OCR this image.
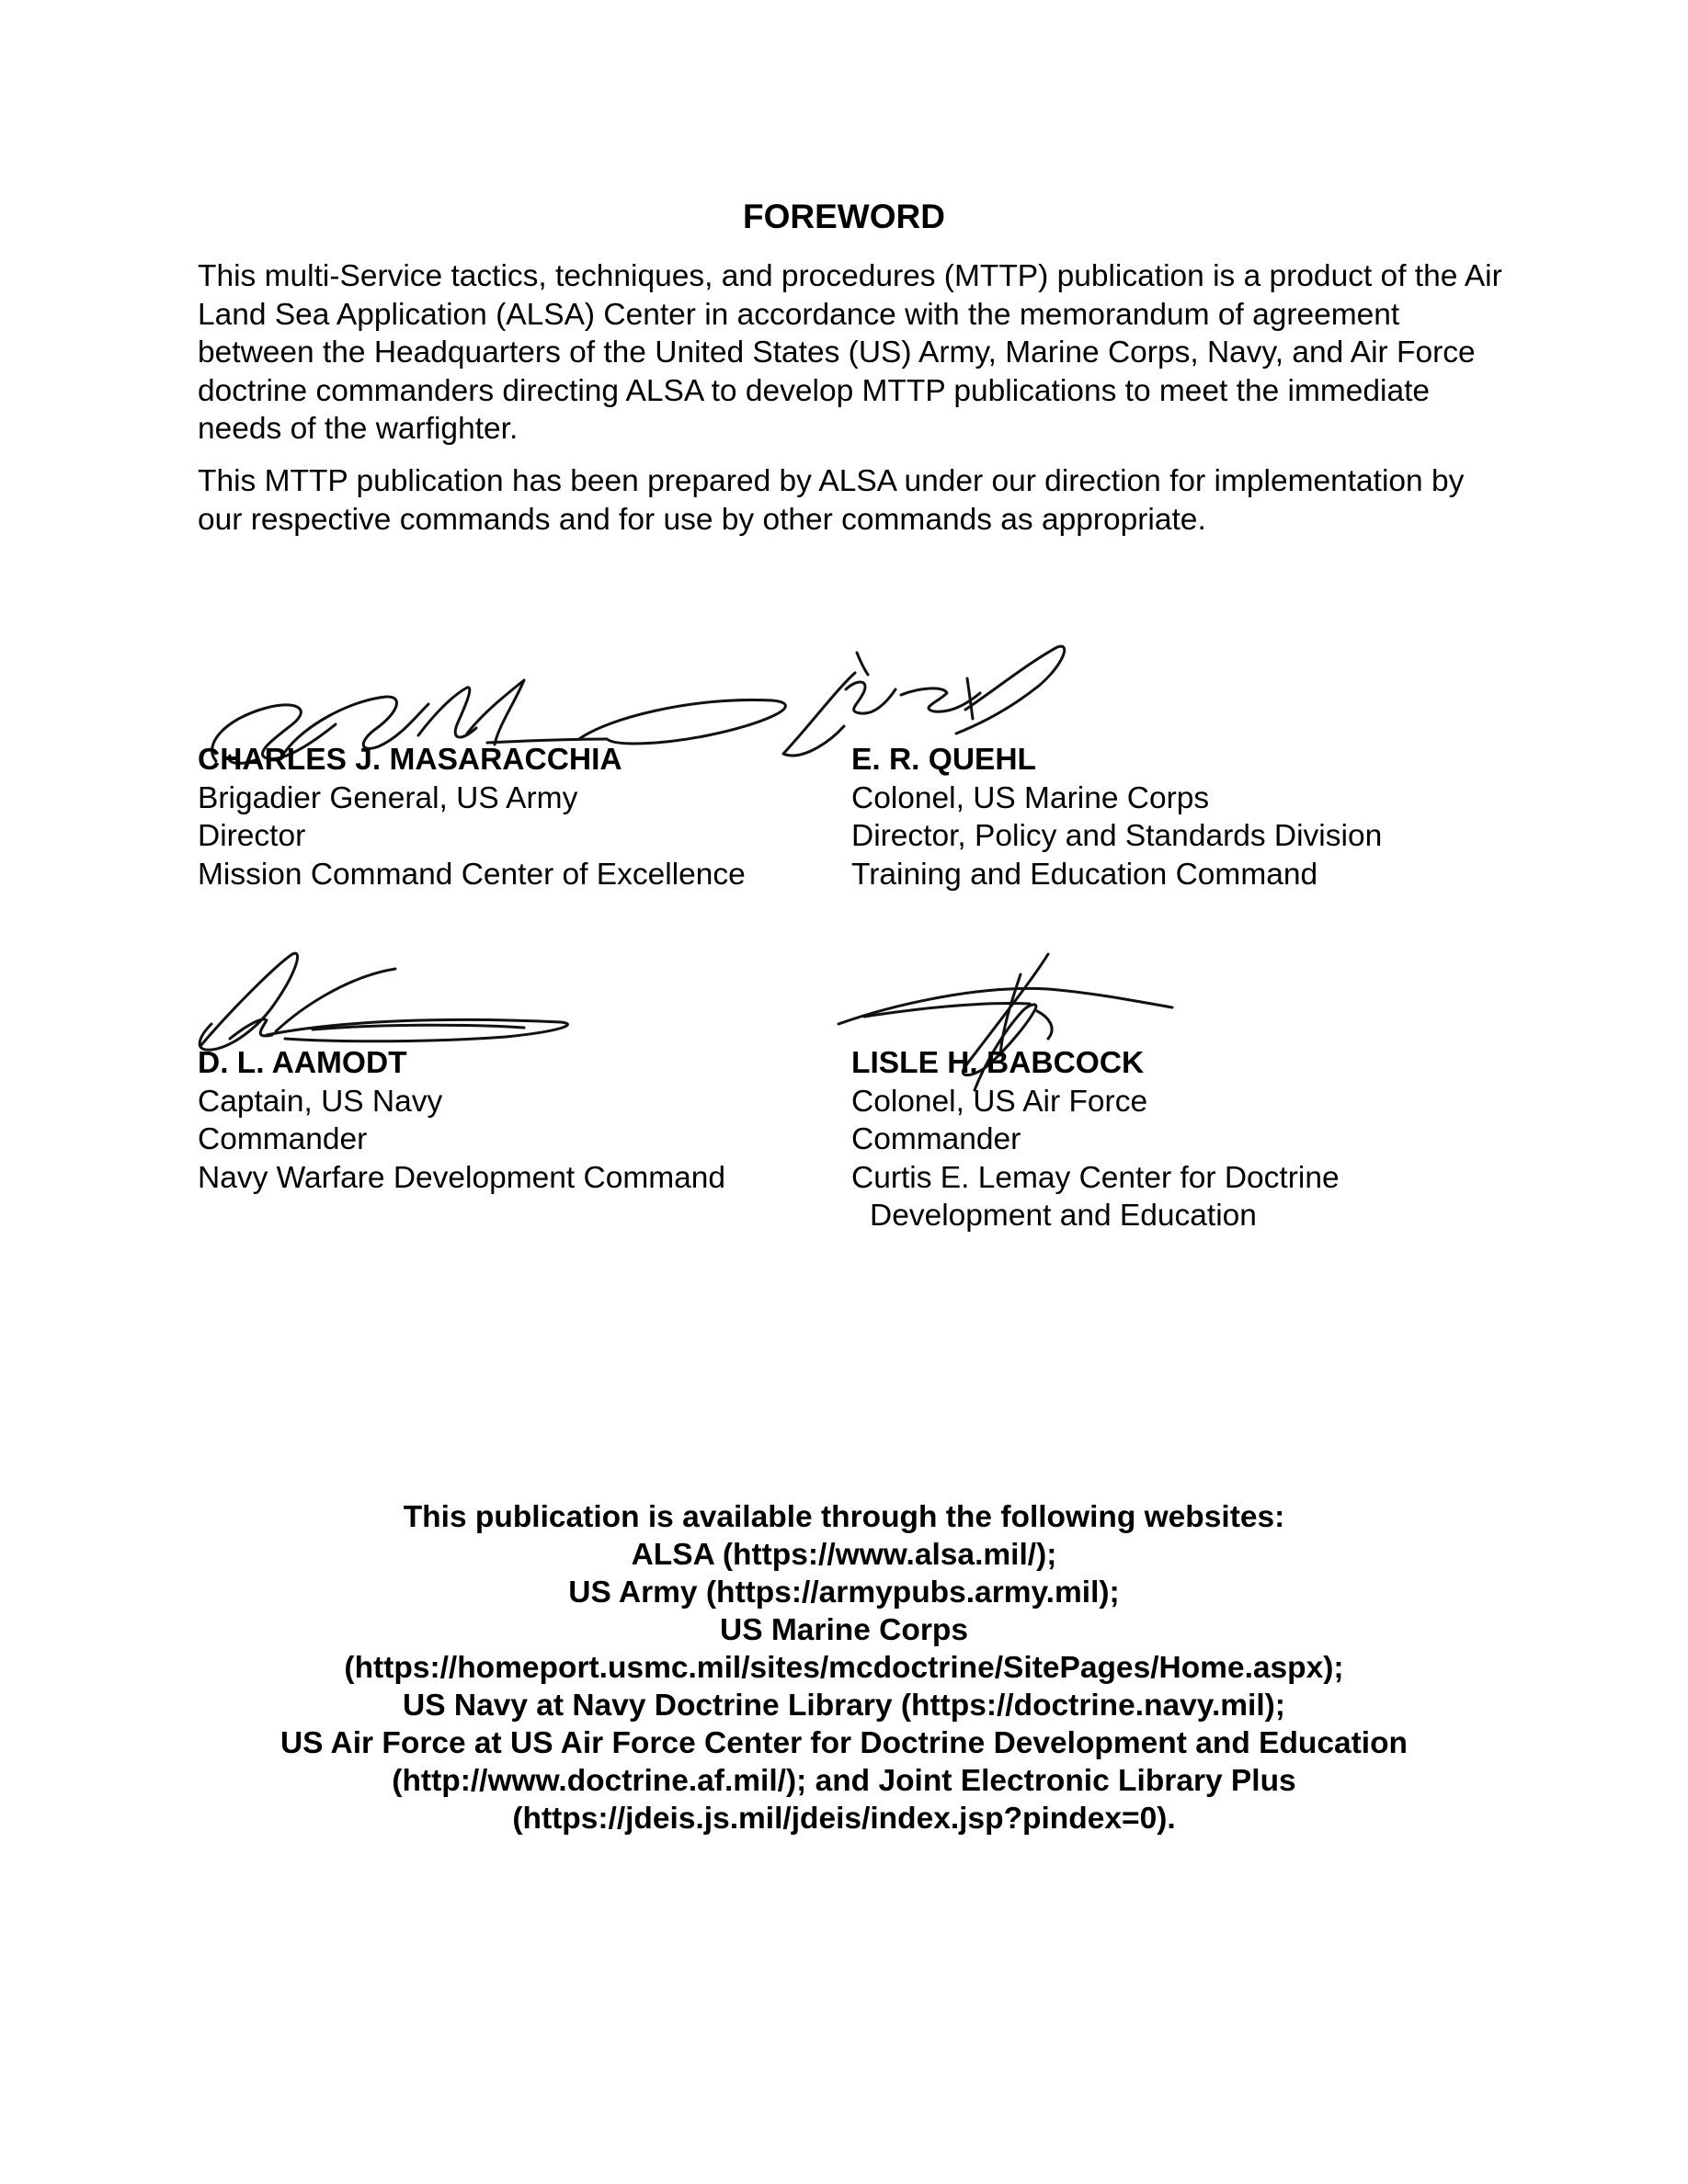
FOREWORD

This multi-Service tactics, techniques, and procedures (MTTP) publication is a product of the Air Land Sea Application (ALSA) Center in accordance with the memorandum of agreement between the Headquarters of the United States (US) Army, Marine Corps, Navy, and Air Force doctrine commanders directing ALSA to develop MTTP publications to meet the immediate needs of the warfighter.

This MTTP publication has been prepared by ALSA under our direction for implementation by our respective commands and for use by other commands as appropriate.

CHARLES J. MASARACCHIA
Brigadier General, US Army
Director
Mission Command Center of Excellence
E. R. QUEHL
Colonel, US Marine Corps
Director, Policy and Standards Division
Training and Education Command
D. L. AAMODT
Captain, US Navy
Commander
Navy Warfare Development Command
LISLE H. BABCOCK
Colonel, US Air Force
Commander
Curtis E. Lemay Center for Doctrine
Development and Education
This publication is available through the following websites:
ALSA (https://www.alsa.mil/);
US Army (https://armypubs.army.mil);
US Marine Corps
(https://homeport.usmc.mil/sites/mcdoctrine/SitePages/Home.aspx);
US Navy at Navy Doctrine Library (https://doctrine.navy.mil);
US Air Force at US Air Force Center for Doctrine Development and Education
(http://www.doctrine.af.mil/); and Joint Electronic Library Plus
(https://jdeis.js.mil/jdeis/index.jsp?pindex=0).
